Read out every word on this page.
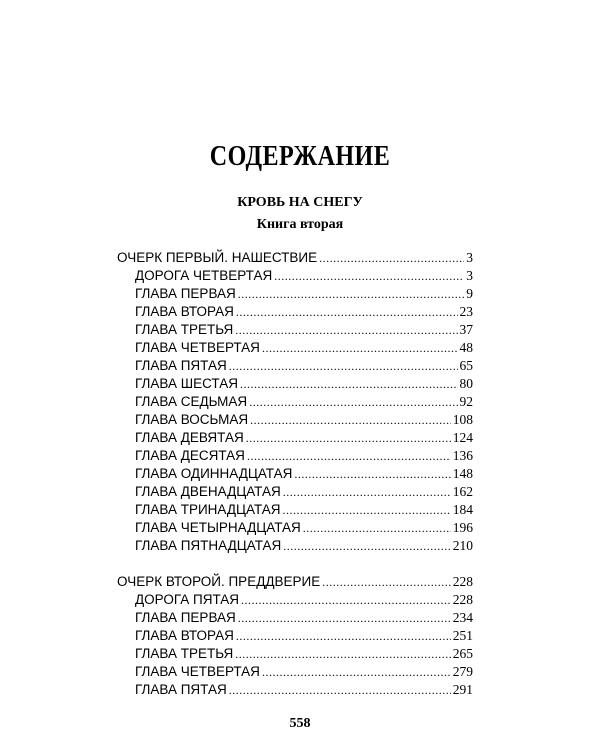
СОДЕРЖАНИЕ
КРОВЬ НА СНЕГУ
Книга вторая
ОЧЕРК ПЕРВЫЙ. НАШЕСТВИЕ .....	3
ДОРОГА ЧЕТВЕРТАЯ .....	3
ГЛАВА ПЕРВАЯ .....	9
ГЛАВА ВТОРАЯ .....	23
ГЛАВА ТРЕТЬЯ .....	37
ГЛАВА ЧЕТВЕРТАЯ .....	48
ГЛАВА ПЯТАЯ .....	65
ГЛАВА ШЕСТАЯ .....	80
ГЛАВА СЕДЬМАЯ .....	92
ГЛАВА ВОСЬМАЯ .....	108
ГЛАВА ДЕВЯТАЯ .....	124
ГЛАВА ДЕСЯТАЯ .....	136
ГЛАВА ОДИННАДЦАТАЯ .....	148
ГЛАВА ДВЕНАДЦАТАЯ .....	162
ГЛАВА ТРИНАДЦАТАЯ .....	184
ГЛАВА ЧЕТЫРНАДЦАТАЯ .....	196
ГЛАВА ПЯТНАДЦАТАЯ .....	210
ОЧЕРК ВТОРОЙ. ПРЕДДВЕРИЕ .....	228
ДОРОГА ПЯТАЯ .....	228
ГЛАВА ПЕРВАЯ .....	234
ГЛАВА ВТОРАЯ .....	251
ГЛАВА ТРЕТЬЯ .....	265
ГЛАВА ЧЕТВЕРТАЯ .....	279
ГЛАВА ПЯТАЯ .....	291
558
